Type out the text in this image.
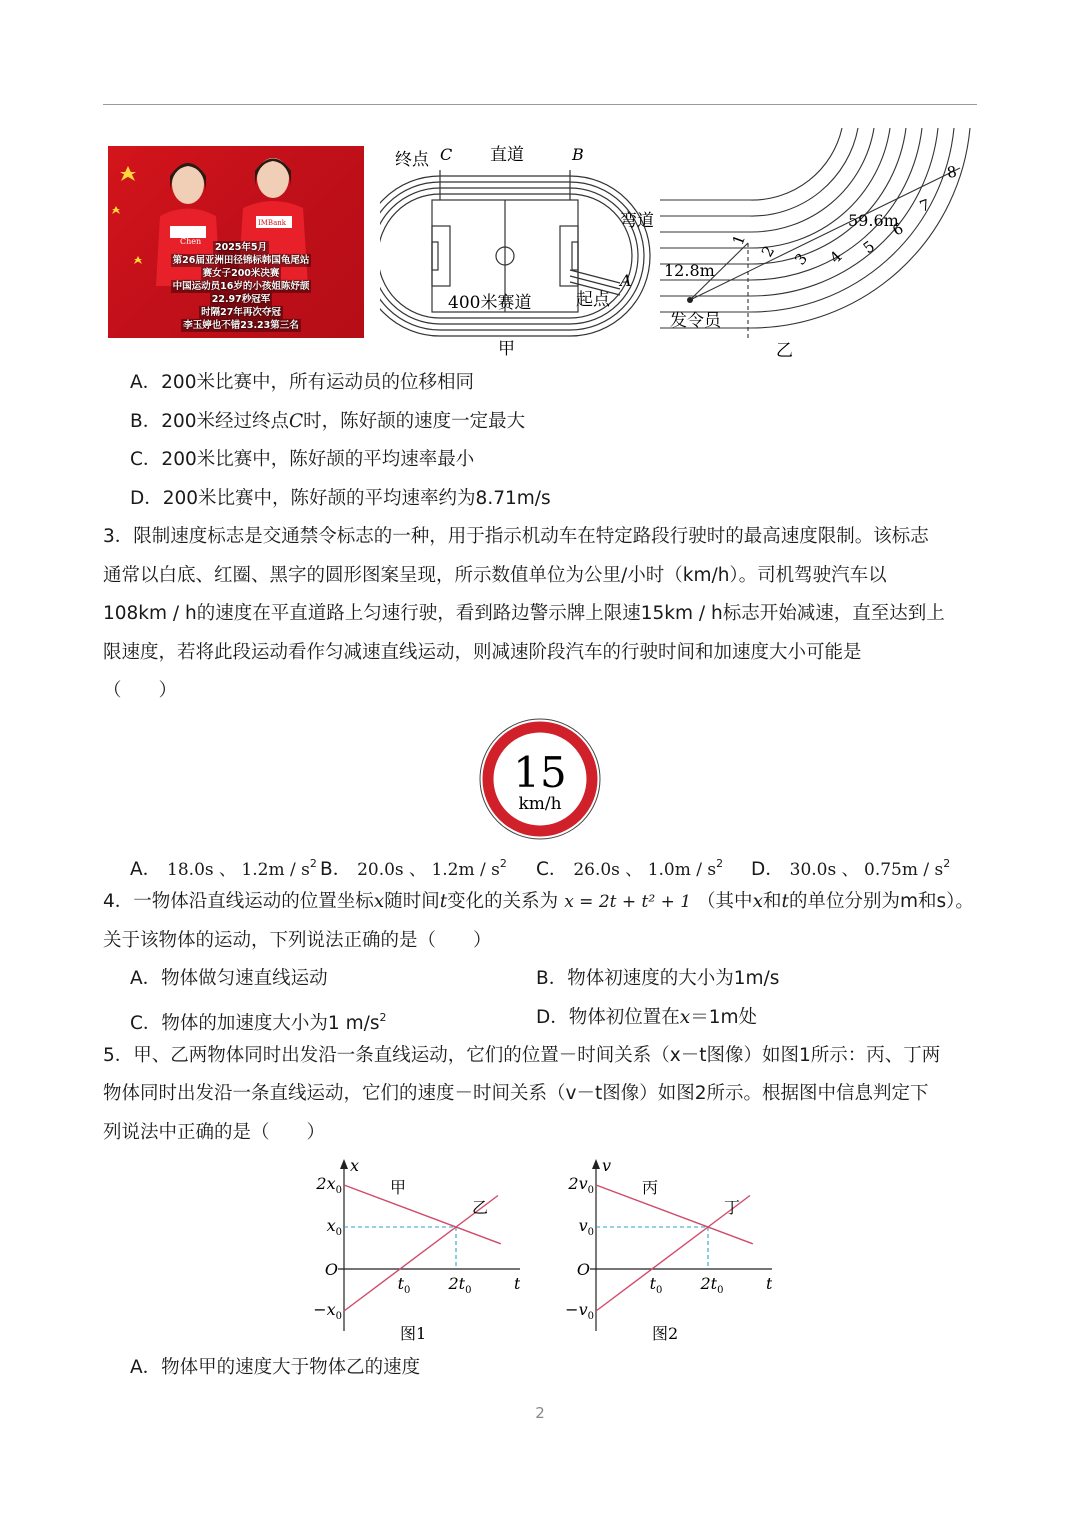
Chen
IMBank
2025年5月
第26届亚洲田径锦标韩国龟尾站
赛女子200米决赛
中国运动员16岁的小孩姐陈妤颉
22.97秒冠军
时隔27年再次夺冠
李玉婷也不错23.23第三名

终点 C 直道	B
弯道
A
起点
400米赛道
甲
59.6m
12.8m
发令员
1
2 3 4 5
6
7
8
乙
A．200米比赛中，所有运动员的位移相同
B．200米经过终点C时，陈好颉的速度一定最大
C．200米比赛中，陈好颉的平均速率最小
D．200米比赛中，陈好颉的平均速率约为8.71m/s
3．限制速度标志是交通禁令标志的一种，用于指示机动车在特定路段行驶时的最高速度限制。该标志
通常以白底、红圈、黑字的圆形图案呈现，所示数值单位为公里/小时（km/h）。司机驾驶汽车以
108km / h的速度在平直道路上匀速行驶，看到路边警示牌上限速15km / h标志开始减速，直至达到上
限速度，若将此段运动看作匀减速直线运动，则减速阶段汽车的行驶时间和加速度大小可能是
（　　）
15
km/h
A． 18.0s 、 $1.2m / s^2$ B． 20.0s 、 $1.2m / s^2$ C． 26.0s 、 $1.0m / s^2$ D． 30.0s 、 $0.75m / s^2$
4．一物体沿直线运动的位置坐标x随时间t变化的关系为 x = 2t + t² + 1 （其中x和t的单位分别为m和s）。
关于该物体的运动，下列说法正确的是（　　）
A．物体做匀速直线运动	B．物体初速度的大小为1m/s
C．物体的加速度大小为1 $m/s^2$	D．物体初位置在x＝1m处
5．甲、乙两物体同时出发沿一条直线运动，它们的位置－时间关系（x－t图像）如图1所示：丙、丁两
物体同时出发沿一条直线运动，它们的速度－时间关系（v－t图像）如图2所示。根据图中信息判定下
列说法中正确的是（　　）
x
t
O
$2x_0$
$x_0$
$-x_0$
$t_0$ $2t_0$
甲
乙
图1
v
t
O
$2v_0$
$v_0$
$-v_0$
$t_0$ $2t_0$
丙
丁
图2
A．物体甲的速度大于物体乙的速度
2
